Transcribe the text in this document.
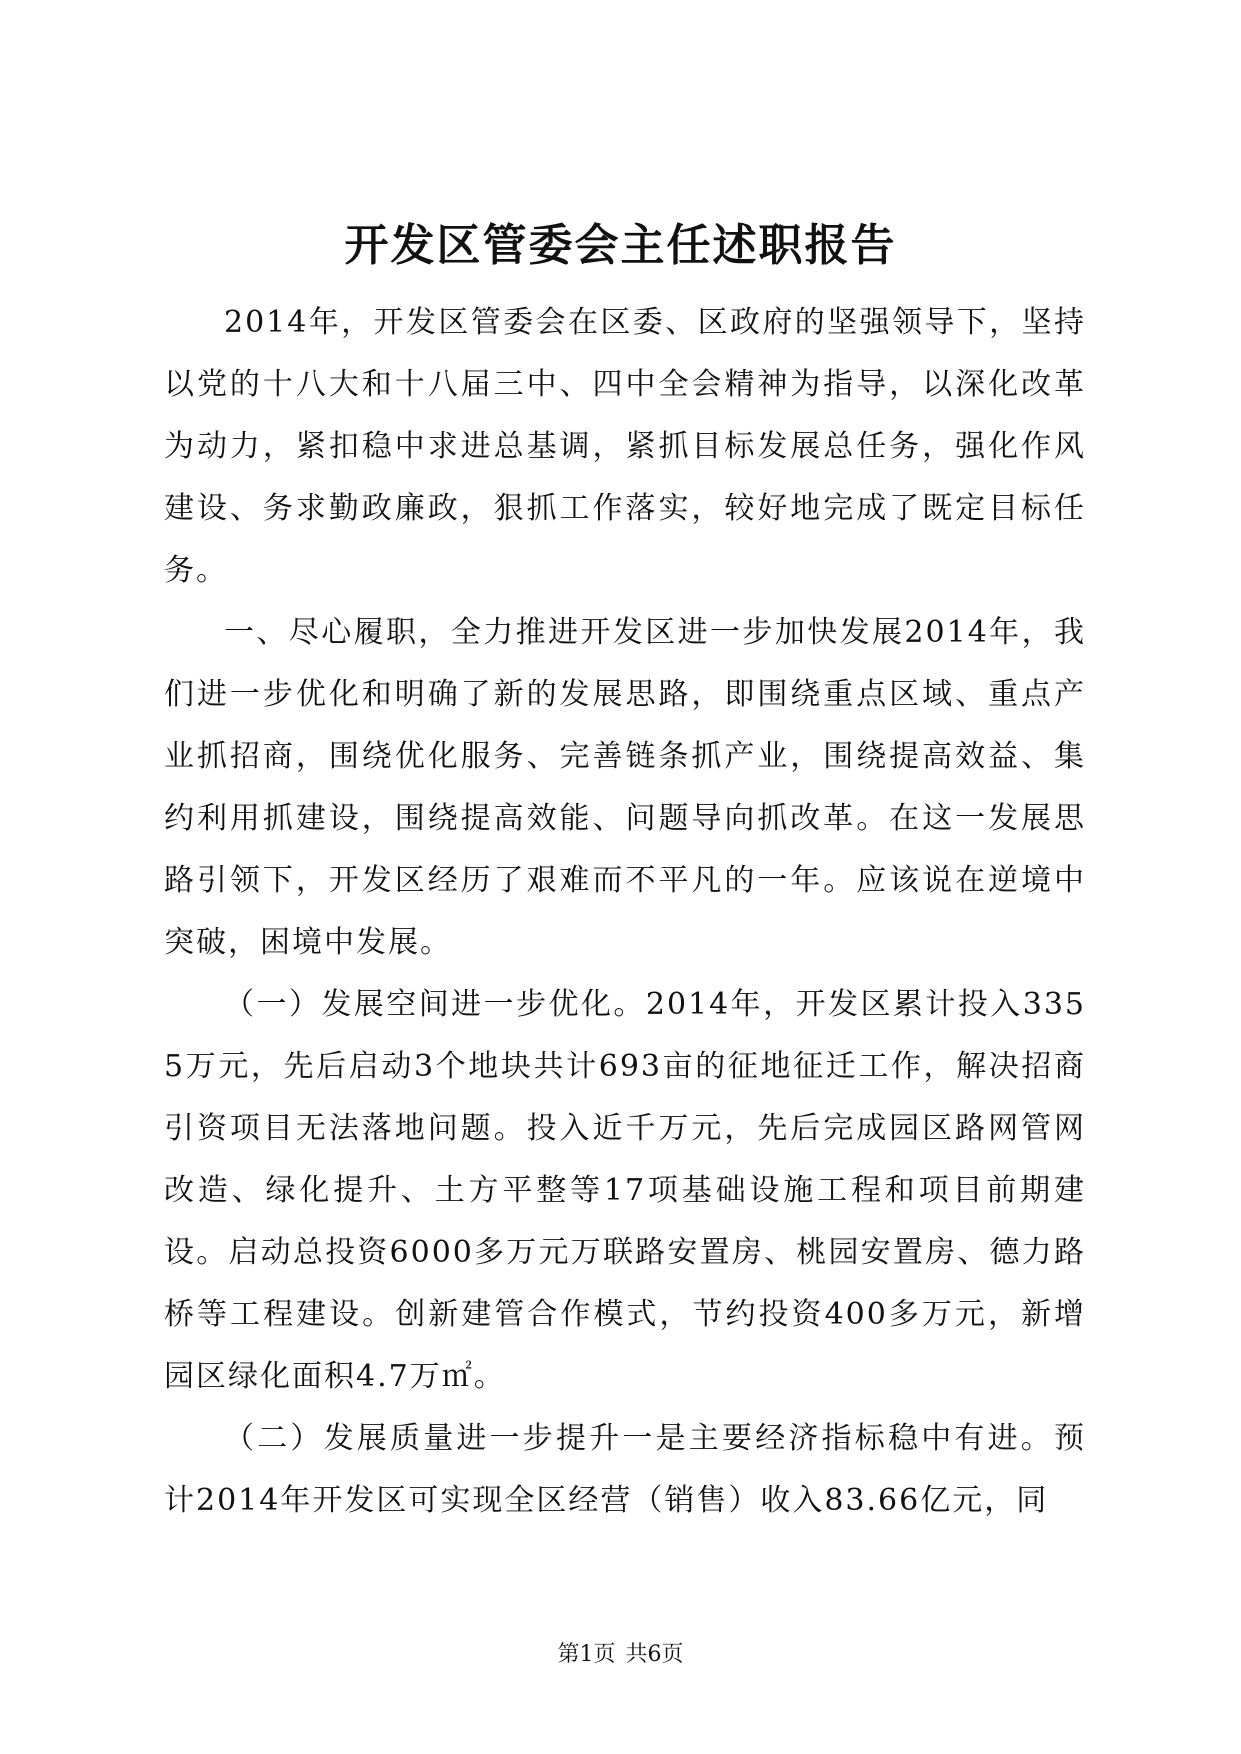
开发区管委会主任述职报告

2014年，开发区管委会在区委、区政府的坚强领导下，坚持以党的十八大和十八届三中、四中全会精神为指导，以深化改革为动力，紧扣稳中求进总基调，紧抓目标发展总任务，强化作风建设、务求勤政廉政，狠抓工作落实，较好地完成了既定目标任务。

一、尽心履职，全力推进开发区进一步加快发展2014年，我们进一步优化和明确了新的发展思路，即围绕重点区域、重点产业抓招商，围绕优化服务、完善链条抓产业，围绕提高效益、集约利用抓建设，围绕提高效能、问题导向抓改革。在这一发展思路引领下，开发区经历了艰难而不平凡的一年。应该说在逆境中突破，困境中发展。

（一）发展空间进一步优化。2014年，开发区累计投入3355万元，先后启动3个地块共计693亩的征地征迁工作，解决招商引资项目无法落地问题。投入近千万元，先后完成园区路网管网改造、绿化提升、土方平整等17项基础设施工程和项目前期建设。启动总投资6000多万元万联路安置房、桃园安置房、德力路桥等工程建设。创新建管合作模式，节约投资400多万元，新增园区绿化面积4.7万㎡。

（二）发展质量进一步提升一是主要经济指标稳中有进。预计2014年开发区可实现全区经营（销售）收入83.66亿元，同

第1页 共6页
